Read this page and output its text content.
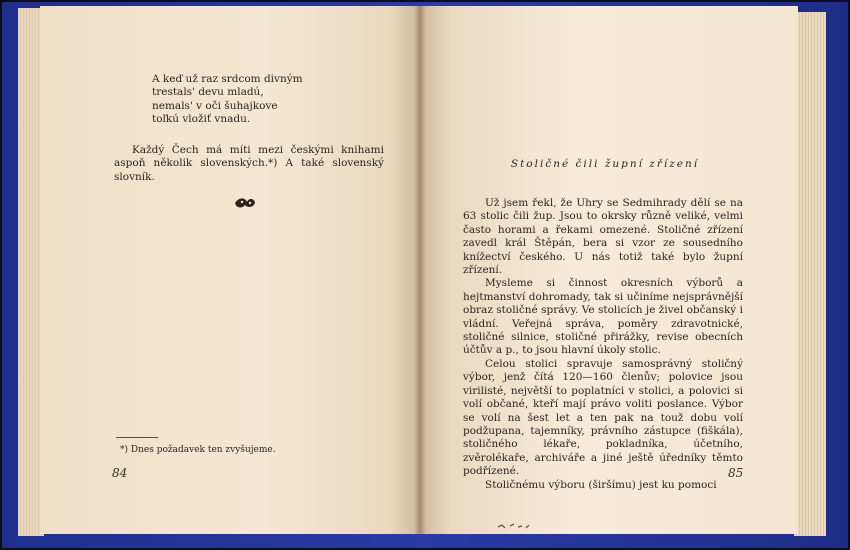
A keď už raz srdcom divným
trestals' devu mladú,
nemals' v oči šuhajkove
toľkú vložiť vnadu.
Každý Čech má míti mezi českými knihami aspoň několik slovenských.*) A také slovenský slovník.
*) Dnes požadavek ten zvyšujeme.
84
Stoličné čili župní zřízení

Už jsem řekl, že Uhry se Sedmihrady dělí se na 63 stolic čili žup. Jsou to okrsky různě veliké, velmi často horami a řekami omezené. Stoličné zřízení zavedl král Štěpán, bera si vzor ze sousedního knížectví českého. U nás totiž také bylo župní zřízení.

Mysleme si činnost okresních výborů a hejtmanství dohromady, tak si učiníme nejsprávnější obraz stoličné správy. Ve stolicích je živel občanský i vládní. Veřejná správa, poměry zdravotnické, stoličné silnice, stoličné přirážky, revise obecních účtův a p., to jsou hlavní úkoly stolic.

Celou stolici spravuje samosprávný stoličný výbor, jenž čítá 120—160 členův; polovice jsou virilisté, největší to poplatníci v stolici, a polovici si volí občané, kteří mají právo voliti poslance. Výbor se volí na šest let a ten pak na touž dobu volí podžupana, tajemníky, právního zástupce (fiškála), stoličného lékaře, pokladníka, účetního, zvěrolékaře, archiváře a jiné ještě úředníky těmto podřízené.

Stoličnému výboru (širšímu) jest ku pomoci

85
